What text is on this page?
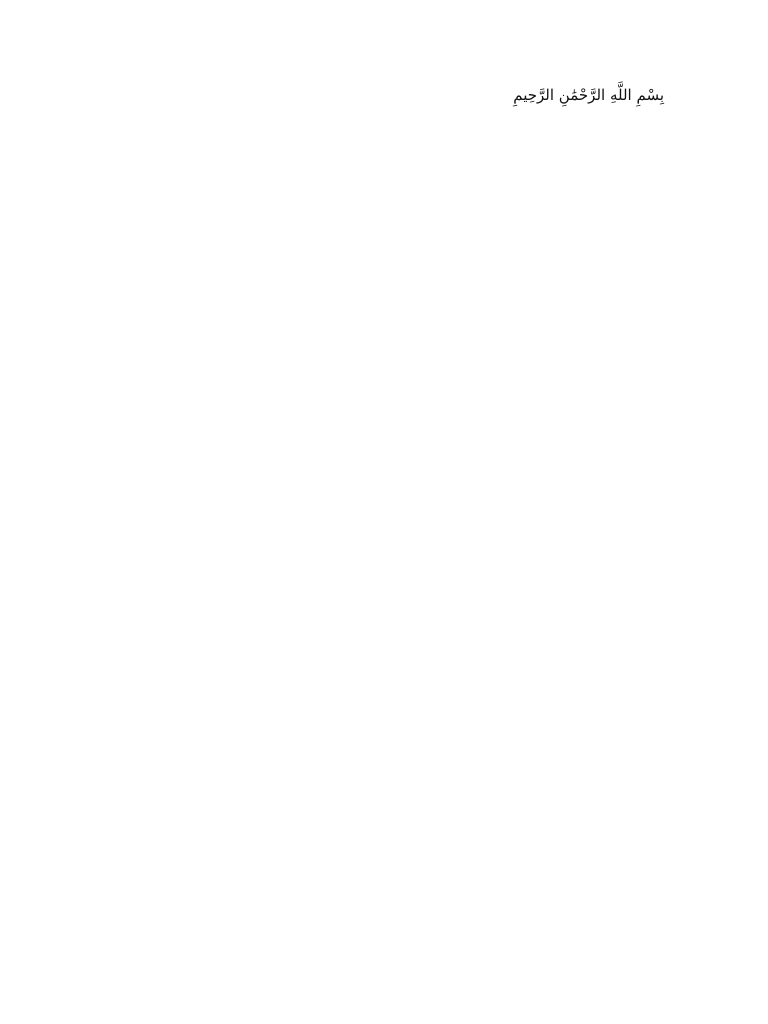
بِسْمِ اللَّهِ الرَّحْمَٰنِ الرَّحِيمِ
